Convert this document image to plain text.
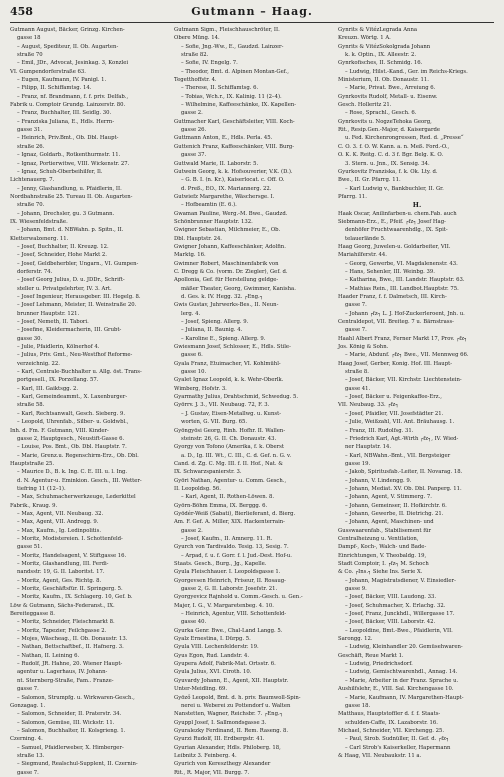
458	Gutmann – Haag.
Gutmann August, Bäcker, Grinzg. Kirchen-
gasse 18
– August, Spediteur, II. Ob. Augarten-
straße 70
– Emil, JDr., Advocat, Jesinkag. 3, Konzlei
VI. Gumpendorferstraße 63.
– Eugen, Kaufmann, IV. Panigl. 1.
– Filipp, II. Schiffamtsg. 14.
– Franz, nf. Brandmann, f. f. priv. Delfab.,
Fabrik u. Comptoir Grundg. Lainzerstr. 80.
– Franz, Buchhalter, III. Seidlg. 30.
– Franziska Juliana, E., Hdls. Herrn-
gasse 31.
– Heinrich, Priv.Bmt., Ob. Dbl. Haupt-
straße 26.
– Ignaz, Goldarb., Rotkenthurmstr. 11.
– Ignaz, Portierwitwe, VIII. Wickenstr. 27.
– Ignaz, Schuh-Oberbeihilfer, Il.
Lichtenauerg. 7.
– Jenny, Glashandlung, u. Pfaidlerin, II.
Nordbahnstraße 25. Tureau II. Ob. Augarten-
straße 70.
– Johann, Drechsler, gu. 3 Gutmann.
IX. Wiesenfeldstraße.
– Johann, Bmt. d. NBWahn. p. Spitn., II.
Kletterwalzenerg. 11.
– Josef, Buchhalter, II. Kreuzg. 12.
– Josef, Schneider, Hohe Markt 2.
– Josef, Geldbeherbler, Ungarn., VI. Gumpen-
dorferstr. 74.
– Josef Georg Julius, D. u. JDDr., Schrift-
steller u. Privatgelehrter, IV. 3. Art.
– Josef Ingenieur, Herausgeber. III. Hegelg. 8.
– Josef Lehmann, Meister, II. Weinstraße 20.
brunner Hauptstr. 121.
– Josef, Nemeth, II. Tabori.
– Josefine, Kleidermacherin, III. Grubt-
gasse 30.
– Julie, Pfaidlerin, Kölnerhof 4.
– Julius, Priv. Gmt., Neu-Westfhof Reforme-
verzeichnig. 22.
– Karl, Centrale-Buchhalter u. Allg. öst. Trans-
portgesell., IX. Porzellang. 57.
– Karl, III. Gaiktsgg. 2.
– Karl, Gemeindeammt., X. Laxenburger-
straße 58.
– Karl, Rechtsanwalt, Gesch. Sieberg. 9.
– Leopold, Uhrenfab., Silber- u. Goldwbl.,
Inh. d. Fm. F. Gutmann, VIII. Kinder-
gasse 2, Hauptgesch., Neustift-Gasse 6.
– Louise, Pos. Bmt., Ob. Dbl. Hauptstr. 7.
– Marie, Grenz.u. Regenschirm-Erz., Ob. Dbl.
Hauptstraße 25.
– Maurice D., B. k. Ing. C. E. III. u. l. Ing.
d. N. Agentur-u. Eminkion. Gesch., III. Wetter-
tiefring 11 (12–1).
– Max, Schuhmacherwerkzeuge, Lederkittel
Fabrik., Kraug. 9.
– Max, Agent, VII. Neubaug. 32.
– Max, Agent, VII. Andregg. 9.
– Max, Kaufm., Ig. Ledinpolitis.
– Moritz, Modistereien. I. Schottenfeld-
gasse 51.
– Moritz, Handelsagent, V. Stiftgasse 16.
– Moritz, Glashandlung, III. Ferdi-
nandsstr. 19, G. II. Laboritst. 17.
– Moritz, Agent, Ges. Richtg. 8.
– Moritz, Geschäftsfür. II. Springerg. 5.
– Moritz, Kaufm., IX. Schlagerg. 10, Gef. b.
Löw & Gutmann, Sächs-Federanst., IX.
Bereiteggasse 8.
– Moritz, Schneider, Fleischmarkt 8.
– Moritz, Tapezier, Feilchgasse 2.
– Mojes, Wäscheag., II. Ob. Donaustr. 13.
– Nathan, Bettschaftbef., II. Hafnerg. 3.
– Nathan, II. Leining 6.
– Rudolf, JR. Hahne, 20. Wiener Haupt-
agentur u. Lagerhaus, IV. Johann-
nt. Sternberg-Straße, Fam.. Franze-
gasse 7.
– Salomon, Strumpfg. u. Wirkwaren-Gesch.,
Gonzagag. 1.
– Salomon, Schneider, II. Praterstr. 34.
– Salomon, Gemüse, III. Wickstr. 11.
– Salomon, Buchhalter, II. Kolsgrieng. 1.
Czerning. 4.
– Samuel, Pfaidlerweber, X. Himberger-
straße 13.
– Siegmund, Realschul-Supplent, II. Czernin-
gasse 7.
Gutmann Sigm., Fleischhauschröter, II.
Obere Müng. 14.
– Sofie, Jng.-Ww., E., Gaudzd. Lainzer-
straße 82.
– Sofie, IV. Engelg. 7.
– Theodor, Bmt. d. Alpinen Montan-Gef.,
Tegetthoffstr. 4.
– Therese, II. Schiffamtsg. 6.
– Tobias, Wch.r., IX. Kalinig. 11 (2–4).
– Wilhelmine, Kaffeeschänke, IX. Kapellen-
gasse 2.
Guttmacher Karl, Geschäftsleiter, VIII. Koch-
gasse 26.
Guttmann Anton, E., Hdls. Perla. 45.
Guttenich Franz, Kaffeeschänker, VIII. Burg-
gasse 37.
Guttwald Marie, II. Laborstr. 5.
Gutwein Georg, k. k. Hofsouverier, V.K. (D.).
– G. B. I. (n. Kr.), Kaiserlocat. c. Off. O.
d. Preß., EO., IX. Mariannerg. 22.
Gutwiefz Margarethe, Wäschersge. I.
– Hofbeamtin (E. 6.).
Gwaman Pauline, Werg.-M. Bwe., Gaudzd.
Schönbrunner Hauptstr. 132.
Gwigner Sebastian, Milchmeier, E., Ob.
Dbl. Hauptstr. 24.
Gwigner Johann, Kaffeeschänker, Adolfin.
Marktg. 16.
Gwimner Robert, Maschinenfabrik von
C. Dregg & Co. (vorm. Dr. Ziegler), Gef. d.
Apollonia, Gef. für Herstellung geldge-
mäßer Theater, Georg, Gwimmer, Kanisha.
d. Ges. k. IV. Hegg. 32. ┌Eng.┐
Gwis Gustav, Juhrwerks-Bes., II. Neun-
lerg. 4.
– Josef, Spieng. Allerg. 9.
– Juliana, II. Baunig. 4.
– Karoline E., Spieng. Allerg. 9.
Gwiesmann Josef, Schlosser, E., Hdls. Stile-
gasse 6.
Gyala Franz, Etuimacher, VI. Kohlmühl-
gasse 10.
Gyalet Ignaz Leopold, k. k. Wehr-Oberlk.
Wimberg, Hofstr. 3.
Gyarmathy Julius, Drahtschmid, Schwedug. 5.
Györrv. J. 3., VII. Neubaug. 72, F. 3.
– J. Gustav, Eisen-Metallwg. u. Kunst-
worten, G. VII. Burg. 65.
Gyöngyösi Georg, Rinh. Hofhr. II. Wallen-
steinstr. 26, G. II. Ch. Donaustr. 43.
Gyorgy von Tofono (Amerika, f. k. Oberst
a. D., Ig. III. Wt., C. III., C. d. Gef. n. G. v.
Cand. d. Zg. C. Mg. III. f. II. Hof., Nat. &
IX. Schwarzspanierstr. 3.
Györi Nathan, Agentur- u. Comm. Gesch.,
II. Leopoldsg. 56.
– Karl, Agent, II. Rothen-Löwen. 8.
Györn-Böhm Emma, IX. Berggg. 6.
Gyödér-Weiß (Sabati), Bierlieferant, d. Bierg.
Am. F. Gef. A. Miller, XIX. Hackenterrain-
gasse 2.
– Josef, Kaufm., II. Amnerg. 11. R.
Gyurch von Tardivaldo. Tesig. 13, Sesig. 7.
– Arpad, f. u. f. Gorr. f. l. Jud.-Dest. Hof-u.
Staats. Gesch., Burg., Jg., Kapelle.
Gyula Fleischhauer. I. Leopoldsgasse 1.
Gyorgevsen Heinrich, Friseur, II. Rosaug-
gasse 2, G. II. Laborstr. Josefstr. 21.
Gyorgyevicz Rajnhold u. Comm.-Gesch. u. Gen.-
Majer, I. G., V. Margaretenbeg. 4. 10.
– Heinrich, Agentur, VIII. Schottenfeld-
gasse 40.
Gyurka Genr. Bwe., Chal-Land Langg. 5.
Gyalz Ernestina, I. Dürpg. 5.
Gyula VIII. Lechenfelderstr. 19.
Gyus Egon, Rud. Landstr. 4.
Gyupera Adolf, Fabrik-Mat. Ortsstr. 6.
Gyula Julius, XVI. Ciroth. 10.
Gyuvardy Johann, E., Agent, XII. Hauptstr.
Unter-Meidling. 69.
Gyöző Leopold, Bmt. d. h. priv. Baumwoll-Spin-
nerei u. Weberei zu Pottendorf u. Walten
Nanstetten, Wagner, Reichsbr. 7. ┌Eng.┐
Gyuppl Josef, I. Sallmondsgasse 3.
Gyuralezky Ferdinand, II. Rem. Raseng. 8.
Gyurzi Rudolf, III. Erdbergstr. 41.
Gyurian Alexander, Hdls. Philoberg. 18,
Leibnitz 3. Feinberg. 4.
Gyurich von Kereszthegy Alexander
Rit., R. Major, VII. Burgg. 7.
Gynrits & VitézLegrada Anna
Kreuzn. Wörtg. 1 A.
Gynrits & VitézSokolgrada Johann
k. k. Optin., IX. Alleestr. 2.
Gynrkofisches, II. Schmidg. 16.
– Ludwig, Hilst.-Kand., Ger. im Reichs-Kriegs.
Ministerium, II. Ob. Donaustr. 11.
– Marie, Privat. Bwe., Arreiung 6.
Gynrkovits Rudolf, Metall- u. Eisenw.
Gesch. Holleritz 21.
– Rose, Sprachl., Gesch. 6.
Gynrkovits u. NogzeTehoka Georg,
Rit., Resip.Gen.-Major, d. Kaisergarde
u. Fed. Kirchenrongressen, Red. d. „Presse“
C. O. 3. f. O. W. Kann. a. n. Meß. Ford.-O.,
O. K. K. Reitg. C. d. 3 f. Bgr. Belg. K. O.
3. Stern. u. Jnn., IX. Sensig. 34.
Gyurkovitz Franziska, f. k. Ok. Lty. d.
Bwe., II. Gr. Pfarrg. 11.
– Karl Ludwig v., Bankbuchler, II. Gr.
Pfarrg. 11.
H.
Haak Oscar, Anilinfarben-u. chem.Fab. auch
Siebmann-Erz., E., Pfeif. ┌fz┐ Josef Hag-
denhöfer Fruchtwaarenhdlg., IX. Spit-
telauerlände 5.
Haag Georg, Juwelen-u. Goldarbeiter, VII.
Mariahilferstr. 44.
– Georg, Gewerbe, VI. Magdalenenstr. 43.
– Hans, Sehenler, III. Weinbg. 39.
– Katharina, Bwe., III. Landstr. Hauptstr. 63.
– Mathias Rein., III. Landbot.Hauptstr. 75.
Haader Franz, f. f. Dalmetsch, III. Kirch-
gasse 7.
– Johann ┌fz┐ L. J. Hof-Zuckerleroent, Jnh. u.
Centraldepot, VII. Breiteg. 7 u. Bärnstrass-
gasse 7.
Haahl Albert Franz, Ferner Markt 17, Prov. ┌fz┐
Jos. König & Sohn.
– Marie, Abdunf. ┌fz┐ Bwe., VII. Mennweg 66.
Haag Josef, Gerber, Konig. Hof. III. Haupt-
straße 8.
– Josef, Bäcker, VII. Kirchstr. Liechtenstein-
gasse 41.
– Josef, Bäcker u. Feigenkaffee-Erz.,
VII. Neubaug. 33. ┌fz┐
– Josef, Pfaidler, VII. Josefstädter 21.
– Julie, Weißzahl, VII. Ant. Bräuhausg. 1.
– Franz, III. Rudolfsg. 31.
– Friedrich Karl, Agt.-Wirth ┌fz┐, IV. Wied-
ner Hauptstr. 14.
– Karl, NBWahn.-Bmt., VII. Bergsteiger
gasse 19.
– Jakob, Spiritusfab.-Leiter, II. Novarag. 18.
– Johann, V. Lindengg. 9.
– Johann, Mediat. XV. Ob. Dbl. Panperg. 11.
– Johann, Agent, V. Stimmerg. 7.
– Johann, Gemeinser, II. Hofkirchtr. 6.
– Johann, Gewerbe, II. Dietrichg. 21.
– Johann, Agent, Maschinen- und
Gusswaarenfab., Stabilisement für
Centralheizung u. Ventilation,
Dampf-, Koch-, Walch- und Bade-
Einrichtungen, V. Theobaldg. 19,
Stadt Comptoir, I. ┌fz┐ M. Schoch
& Co. ┌Ins.┐ Siehe Ins. Serie X.
– Johann, Magistratsdiener, V. Einsiedler-
gasse 9.
– Josef, Bäcker, VIII. Laudong. 33.
– Josef, Schuhmacher, X. Erlachg. 32.
– Josef, Franz, Junckhdl., Willergasse 17.
– Josef, Bäcker, VIII. Laborstr. 42.
– Leopoldine, Bmt.-Bwe., Pfaidlerin, VII.
Sarongg. 12.
– Ludwig, Kleinhandler 20. Gemüsehwaren-
Geschäft, Reue Markt 1.
– Ludwig, Priedrichsdorf.
– Ludwig, Gemischtwarenhdl., Annag. 14.
– Marie, Arbeiter in der Franz. Sprache u.
Aushilfslehr, E., VIII. Sal. Kirchengasse 10.
– Marie, Kaufmann, IV. Margarethen-Haupt-
gasse 18.
Matthaus, Hauptstoffler d. f. f. Staats-
schulden-Caffe, IX. Lazaborstr. 16.
Michael, Schneider, VII. Kirchengg. 25.
– Paul, Sirob. Sudnüller, II. Gef. d. ┌fz┐
– Carl Strob's Kaiserkeller, Hapermann
& Haag, VII. Neubaukstr. 11 a.
